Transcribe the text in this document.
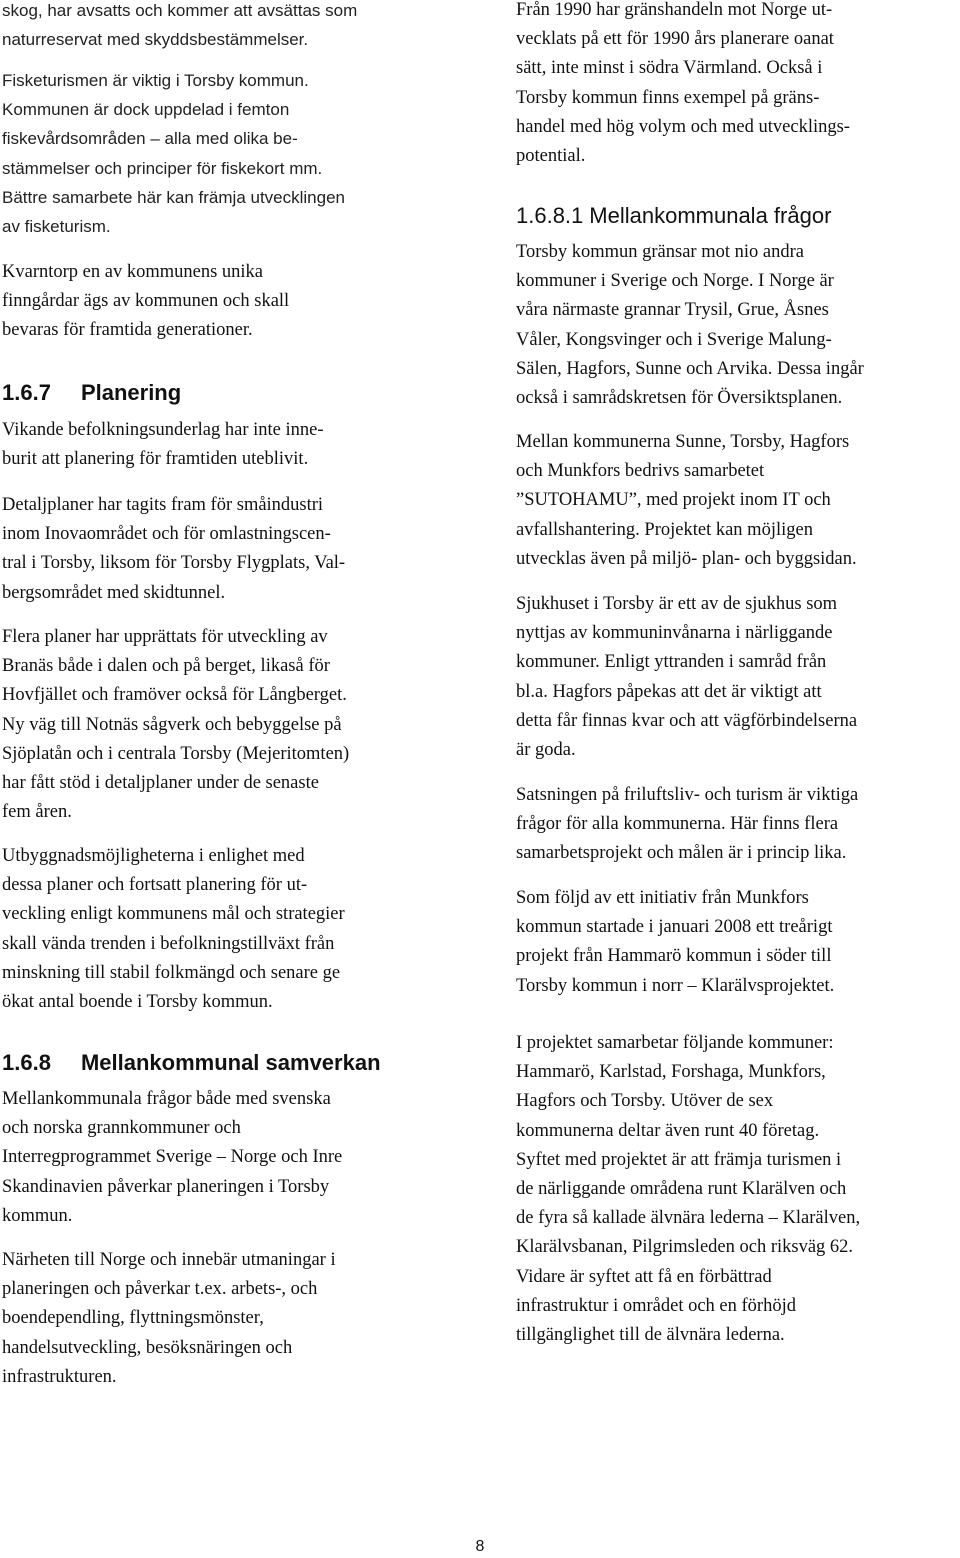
skog, har avsatts och kommer att avsättas som
naturreservat med skyddsbestämmelser.
Fisketurismen är viktig i Torsby kommun.
Kommunen är dock uppdelad i femton
fiskevårdsområden – alla med olika be-
stämmelser och principer för fiskekort mm.
Bättre samarbete här kan främja utvecklingen
av fisketurism.
Kvarntorp en av kommunens unika
finngårdar ägs av kommunen och skall
bevaras för framtida generationer.
1.6.7 Planering
Vikande befolkningsunderlag har inte inne-
burit att planering för framtiden uteblivit.
Detaljplaner har tagits fram för småindustri
inom Inovaområdet och för omlastningscen-
tral i Torsby, liksom för Torsby Flygplats, Val-
bergsområdet med skidtunnel.
Flera planer har upprättats för utveckling av
Branäs både i dalen och på berget, likaså för
Hovfjället och framöver också för Långberget.
Ny väg till Notnäs sågverk och bebyggelse på
Sjöplatån och i centrala Torsby (Mejeritomten)
har fått stöd i detaljplaner under de senaste
fem åren.
Utbyggnadsmöjligheterna i enlighet med
dessa planer och fortsatt planering för ut-
veckling enligt kommunens mål och strategier
skall vända trenden i befolkningstillväxt från
minskning till stabil folkmängd och senare ge
ökat antal boende i Torsby kommun.
1.6.8 Mellankommunal samverkan
Mellankommunala frågor både med svenska
och norska grannkommuner och
Interregprogrammet Sverige – Norge och Inre
Skandinavien påverkar planeringen i Torsby
kommun.
Närheten till Norge och innebär utmaningar i
planeringen och påverkar t.ex. arbets-, och
boendependling, flyttningsmönster,
handelsutveckling, besöksnäringen och
infrastrukturen.
Från 1990 har gränshandeln mot Norge ut-
vecklats på ett för 1990 års planerare oanat
sätt, inte minst i södra Värmland. Också i
Torsby kommun finns exempel på gräns-
handel med hög volym och med utvecklings-
potential.
1.6.8.1 Mellankommunala frågor
Torsby kommun gränsar mot nio andra
kommuner i Sverige och Norge. I Norge är
våra närmaste grannar Trysil, Grue, Åsnes
Våler, Kongsvinger och i Sverige Malung-
Sälen, Hagfors, Sunne och Arvika. Dessa ingår
också i samrådskretsen för Översiktsplanen.
Mellan kommunerna Sunne, Torsby, Hagfors
och Munkfors bedrivs samarbetet
”SUTOHAMU”, med projekt inom IT och
avfallshantering. Projektet kan möjligen
utvecklas även på miljö- plan- och byggsidan.
Sjukhuset i Torsby är ett av de sjukhus som
nyttjas av kommuninvånarna i närliggande
kommuner. Enligt yttranden i samråd från
bl.a. Hagfors påpekas att det är viktigt att
detta får finnas kvar och att vägförbindelserna
är goda.
Satsningen på friluftsliv- och turism är viktiga
frågor för alla kommunerna. Här finns flera
samarbetsprojekt och målen är i princip lika.
Som följd av ett initiativ från Munkfors
kommun startade i januari 2008 ett treårigt
projekt från Hammarö kommun i söder till
Torsby kommun i norr – Klarälvsprojektet.
I projektet samarbetar följande kommuner:
Hammarö, Karlstad, Forshaga, Munkfors,
Hagfors och Torsby. Utöver de sex
kommunerna deltar även runt 40 företag.
Syftet med projektet är att främja turismen i
de närliggande områdena runt Klarälven och
de fyra så kallade älvnära lederna – Klarälven,
Klarälvsbanan, Pilgrimsleden och riksväg 62.
Vidare är syftet att få en förbättrad
infrastruktur i området och en förhöjd
tillgänglighet till de älvnära lederna.
8
